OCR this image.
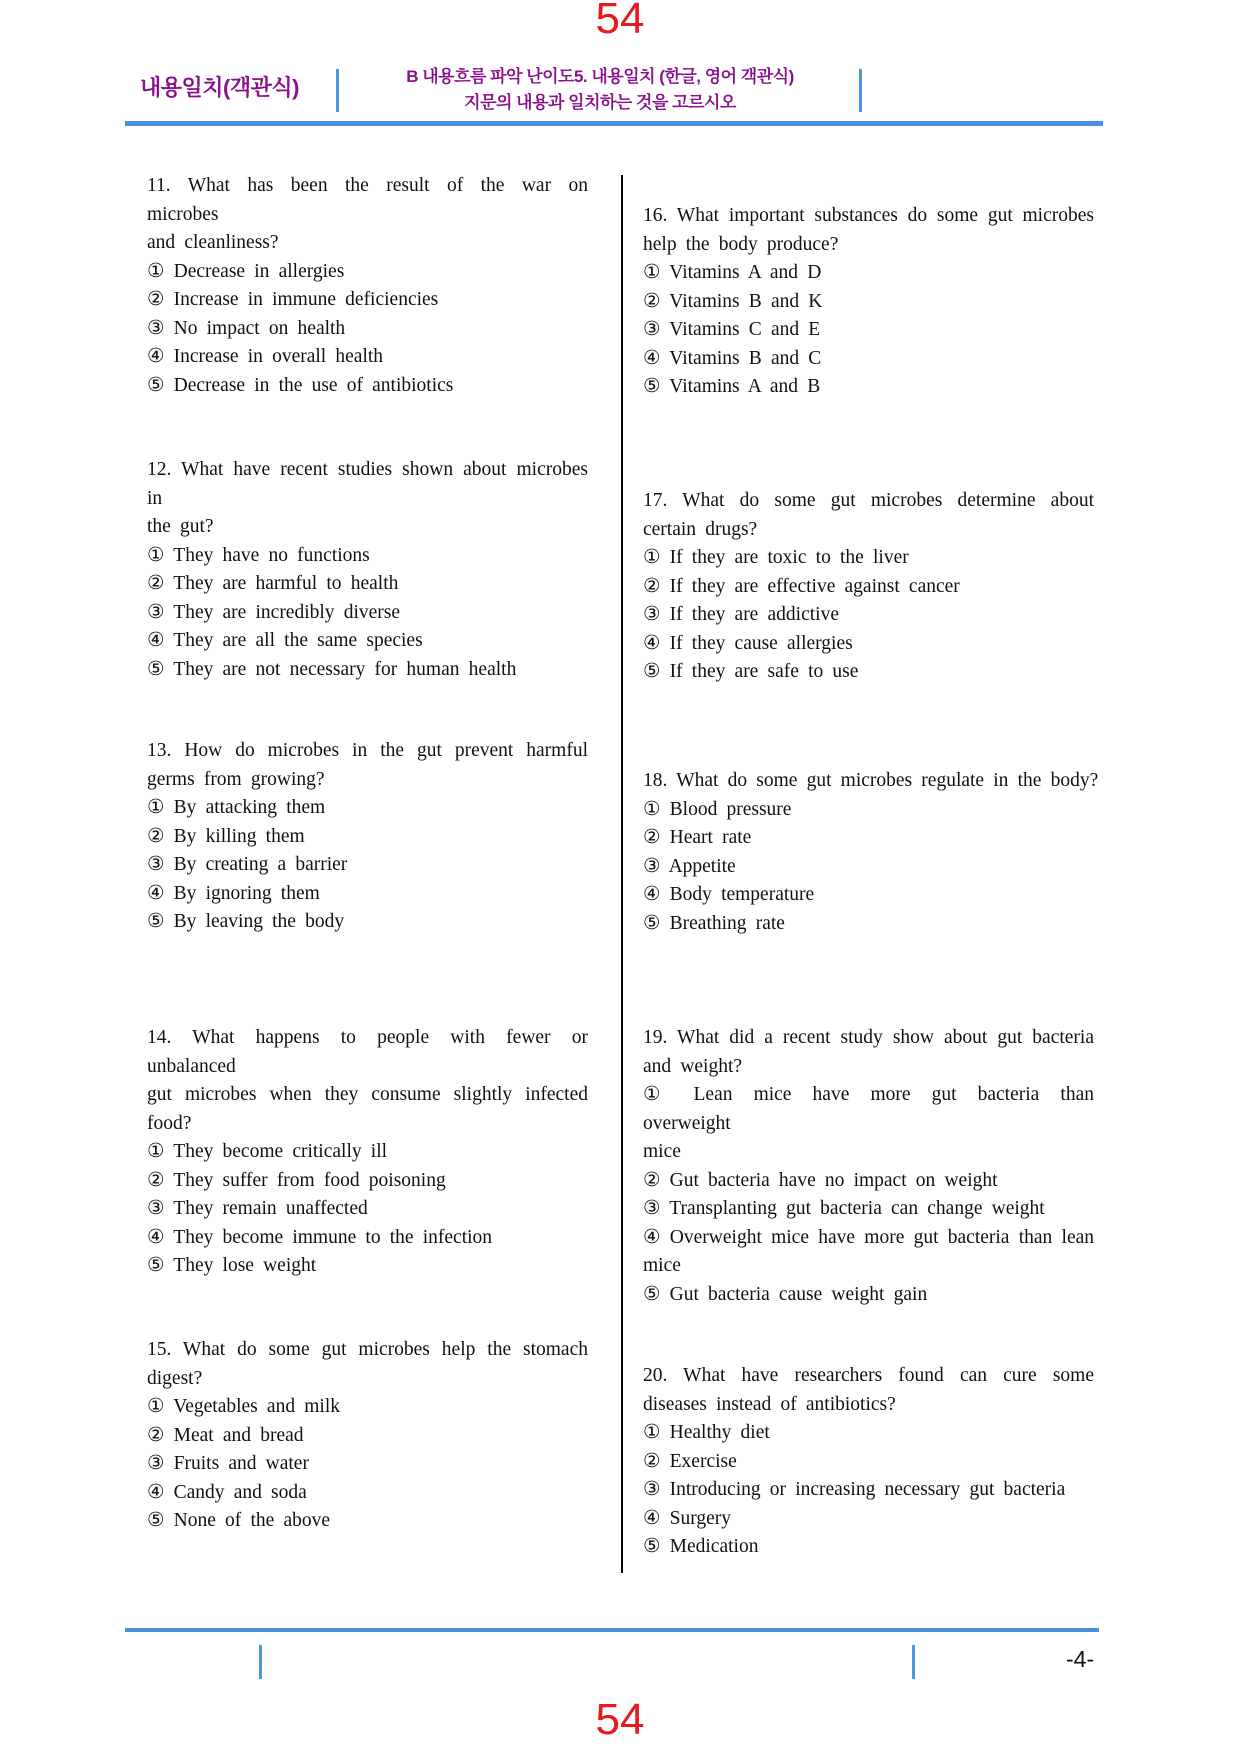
54
내용일치(객관식)	B 내용흐름 파악 난이도5. 내용일치 (한글, 영어 객관식)
지문의 내용과 일치하는 것을 고르시오
11. What has been the result of the war on microbes
and cleanliness?
① Decrease in allergies
② Increase in immune deficiencies
③ No impact on health
④ Increase in overall health
⑤ Decrease in the use of antibiotics
12. What have recent studies shown about microbes in
the gut?
① They have no functions
② They are harmful to health
③ They are incredibly diverse
④ They are all the same species
⑤ They are not necessary for human health
13. How do microbes in the gut prevent harmful
germs from growing?
① By attacking them
② By killing them
③ By creating a barrier
④ By ignoring them
⑤ By leaving the body
14. What happens to people with fewer or unbalanced
gut microbes when they consume slightly infected
food?
① They become critically ill
② They suffer from food poisoning
③ They remain unaffected
④ They become immune to the infection
⑤ They lose weight
15. What do some gut microbes help the stomach
digest?
① Vegetables and milk
② Meat and bread
③ Fruits and water
④ Candy and soda
⑤ None of the above
16. What important substances do some gut microbes
help the body produce?
① Vitamins A and D
② Vitamins B and K
③ Vitamins C and E
④ Vitamins B and C
⑤ Vitamins A and B
17. What do some gut microbes determine about
certain drugs?
① If they are toxic to the liver
② If they are effective against cancer
③ If they are addictive
④ If they cause allergies
⑤ If they are safe to use
18. What do some gut microbes regulate in the body?
① Blood pressure
② Heart rate
③ Appetite
④ Body temperature
⑤ Breathing rate
19. What did a recent study show about gut bacteria
and weight?
① Lean mice have more gut bacteria than overweight
mice
② Gut bacteria have no impact on weight
③ Transplanting gut bacteria can change weight
④ Overweight mice have more gut bacteria than lean
mice
⑤ Gut bacteria cause weight gain
20. What have researchers found can cure some
diseases instead of antibiotics?
① Healthy diet
② Exercise
③ Introducing or increasing necessary gut bacteria
④ Surgery
⑤ Medication
-4-
54
